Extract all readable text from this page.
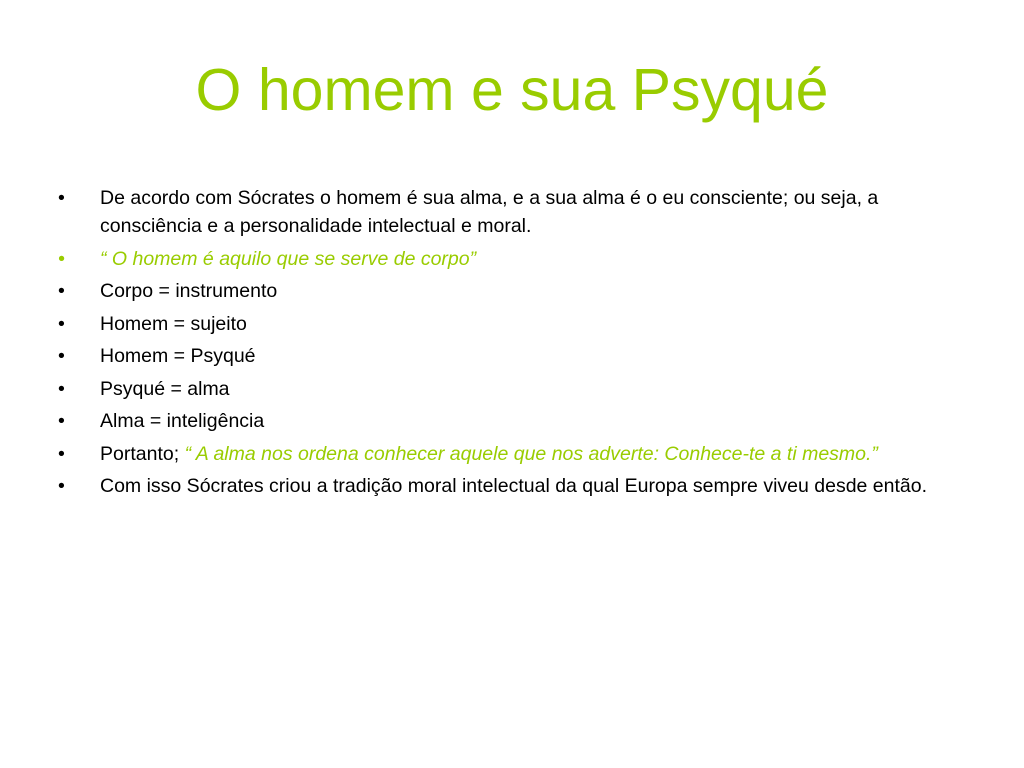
O homem e sua Psyqué
• De acordo com Sócrates o homem é sua alma, e a sua alma é o eu consciente; ou seja, a consciência e a personalidade intelectual e moral.
• “ O homem é aquilo que se serve de corpo”
• Corpo = instrumento
• Homem = sujeito
• Homem = Psyqué
• Psyqué = alma
• Alma = inteligência
• Portanto; “ A alma nos ordena conhecer aquele que nos adverte: Conhece-te a ti mesmo.”
• Com isso Sócrates criou a tradição moral intelectual da qual Europa sempre viveu desde então.
